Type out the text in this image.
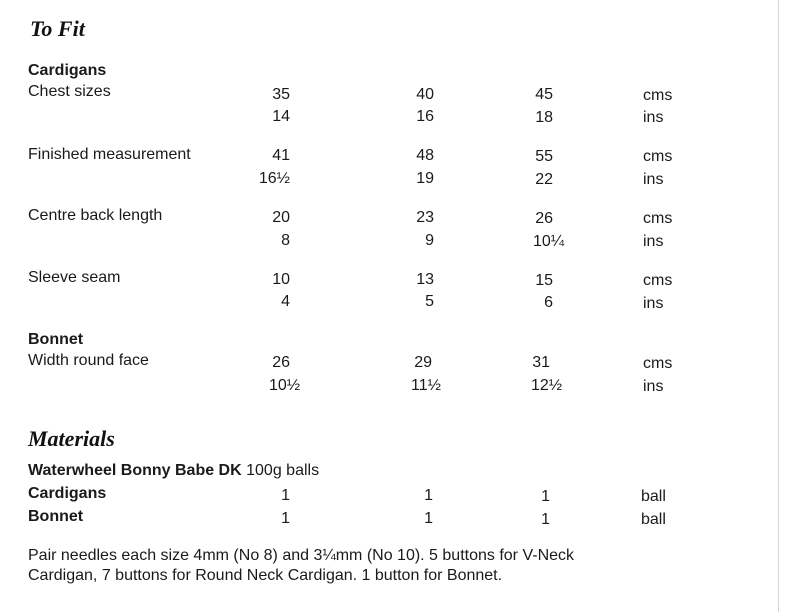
To Fit
Cardigans
Chest sizes	35	40	45	cms
14	16	18	ins
Finished measurement	41	48	55	cms
16½	19	22	ins
Centre back length	20	23	26	cms
8	9	10¼	ins
Sleeve seam	10	13	15	cms
4	5	6	ins
Bonnet
Width round face	26	29	31	cms
10½	11½	12½	ins
Materials
Waterwheel Bonny Babe DK 100g balls
Cardigans	1	1	1	ball
Bonnet	1	1	1	ball
Pair needles each size 4mm (No 8) and 3¼mm (No 10). 5 buttons for V-Neck
Cardigan, 7 buttons for Round Neck Cardigan. 1 button for Bonnet.
